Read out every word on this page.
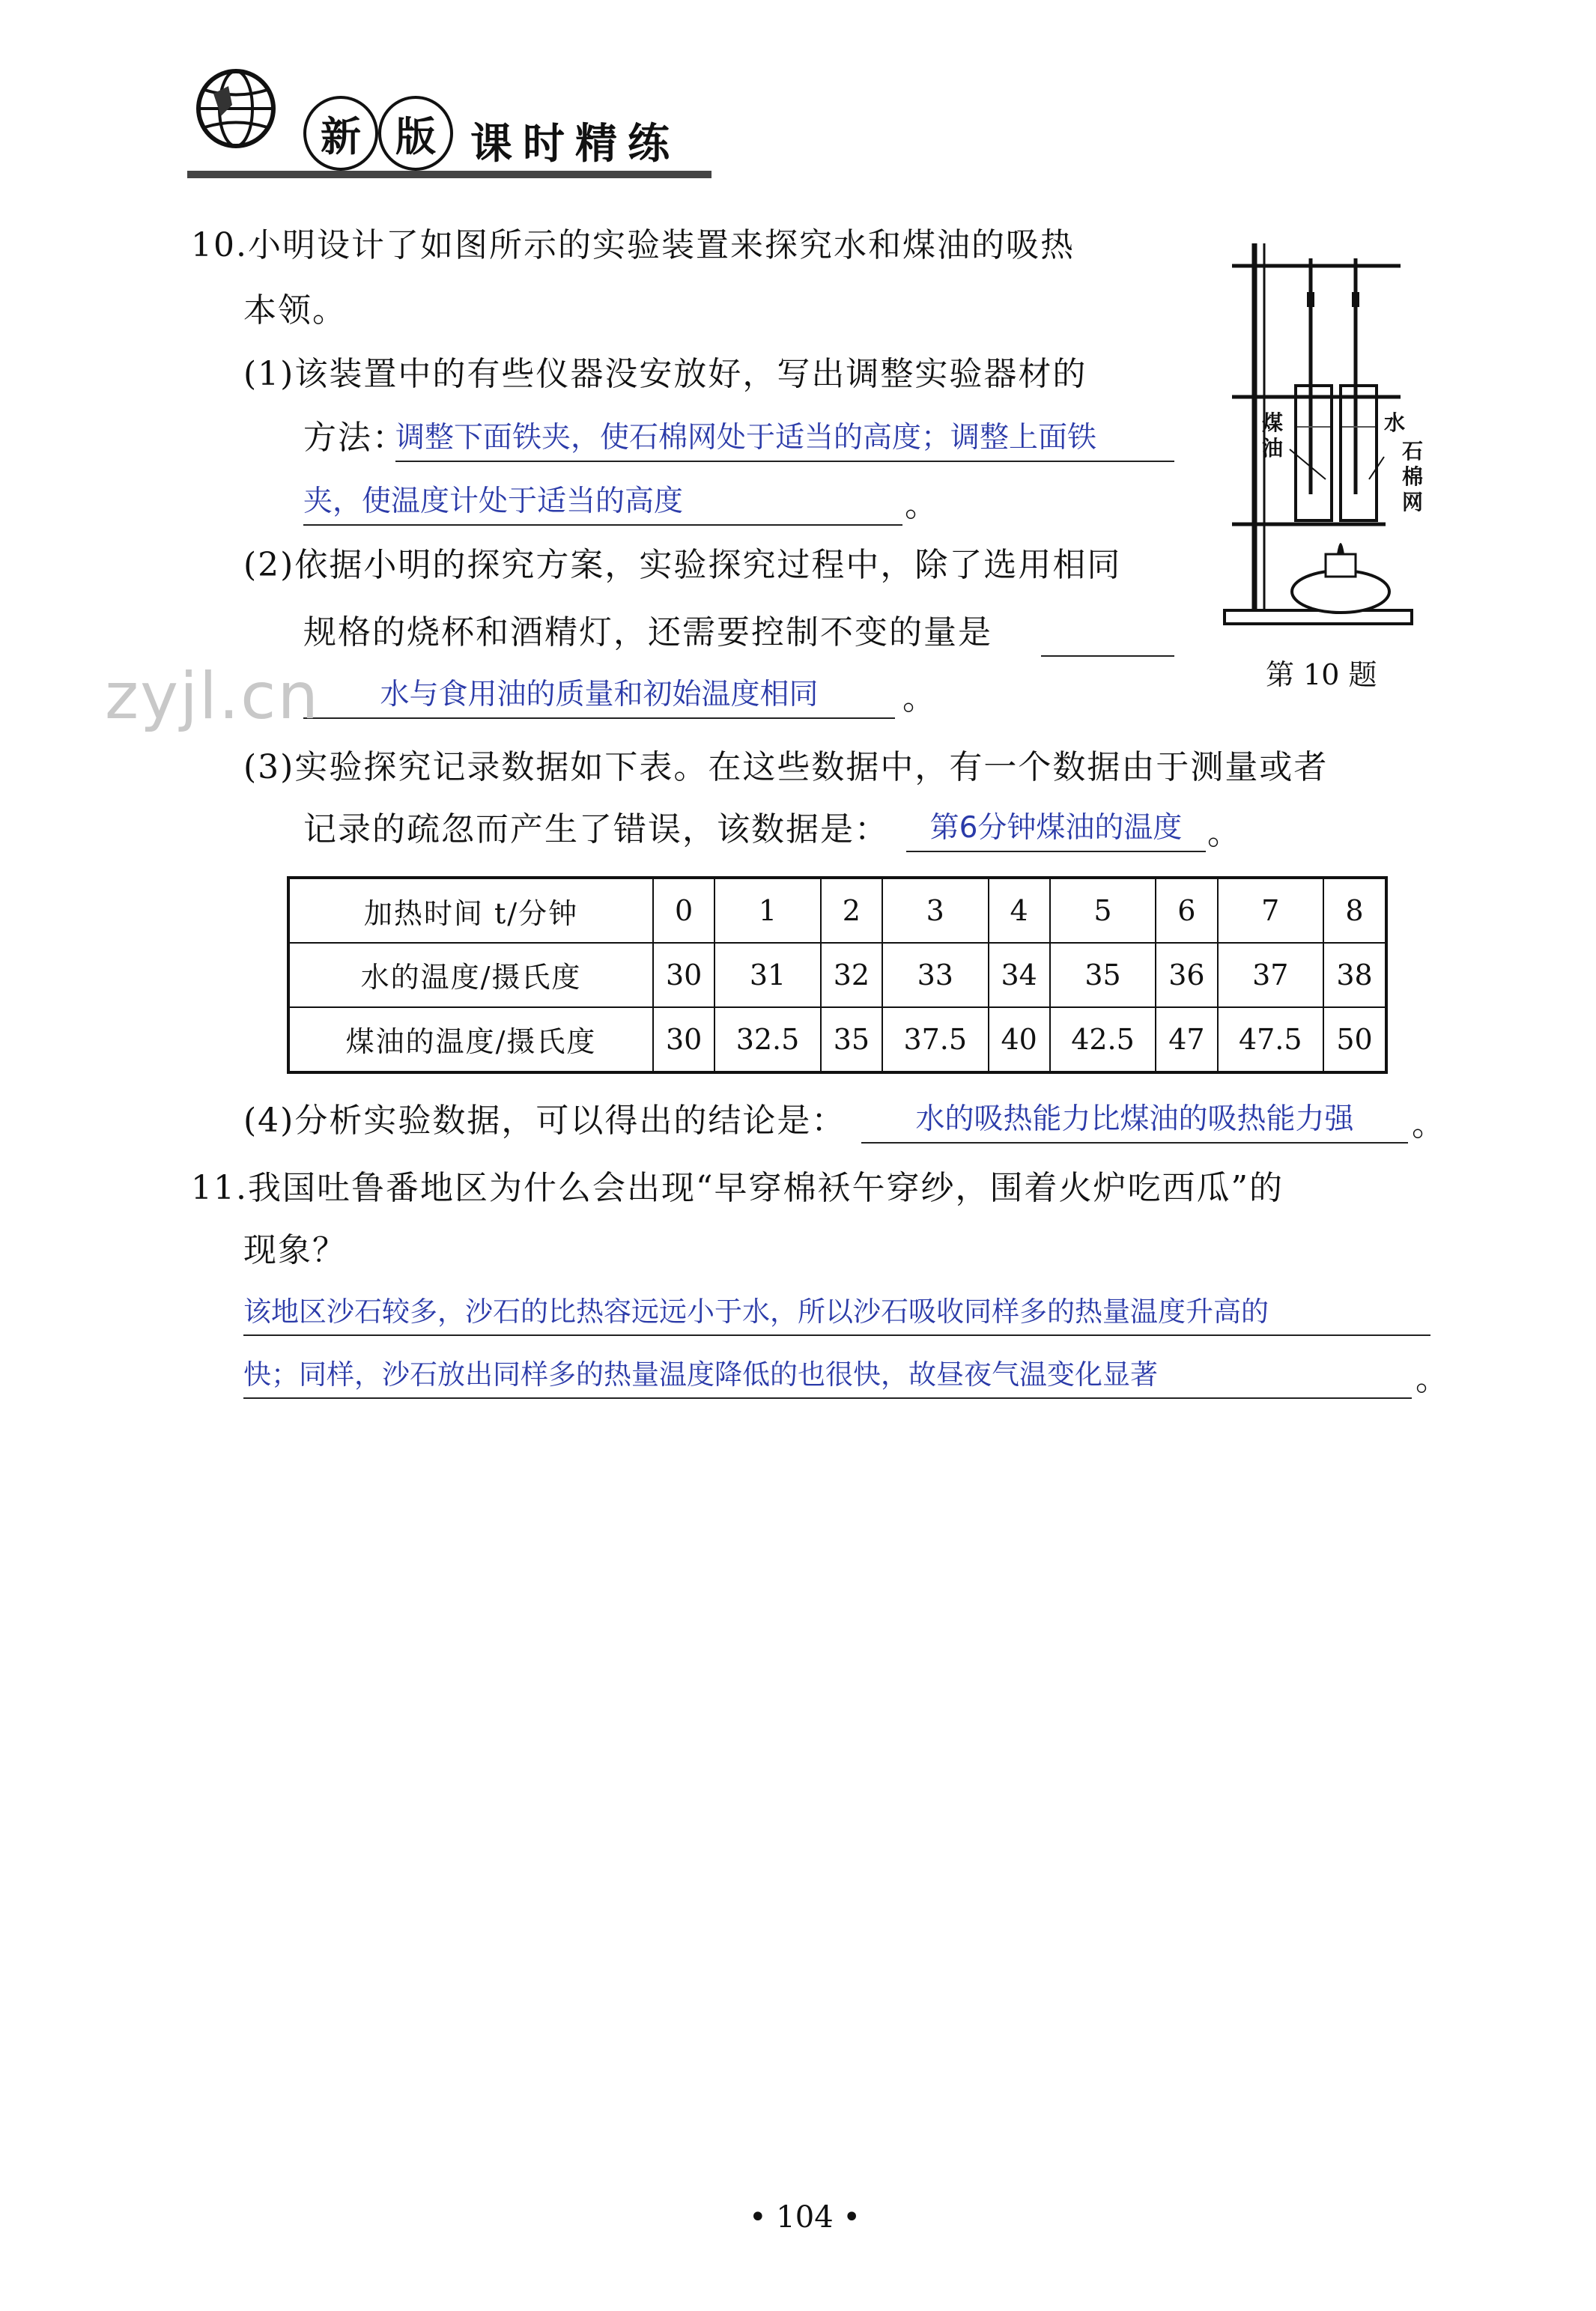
新 版 课时精练
10.小明设计了如图所示的实验装置来探究水和煤油的吸热
本领。
(1)该装置中的有些仪器没安放好，写出调整实验器材的
方法：
调整下面铁夹，使石棉网处于适当的高度；调整上面铁
夹，使温度计处于适当的高度	。
(2)依据小明的探究方案，实验探究过程中，除了选用相同
规格的烧杯和酒精灯，还需要控制不变的量是
水与食用油的质量和初始温度相同	。
(3)实验探究记录数据如下表。在这些数据中，有一个数据由于测量或者
记录的疏忽而产生了错误，该数据是：	第6分钟煤油的温度 。
加热时间 t/分钟	0	1	2	3	4	5	6	7	8
水的温度/摄氏度	30	31	32	33	34	35	36	37	38
煤油的温度/摄氏度	30	32.5	35	37.5	40	42.5	47	47.5	50
(4)分析实验数据，可以得出的结论是：	水的吸热能力比煤油的吸热能力强	。
煤油
水
石棉网
第 10 题
11.我国吐鲁番地区为什么会出现“早穿棉袄午穿纱，围着火炉吃西瓜”的
现象？
该地区沙石较多，沙石的比热容远远小于水，所以沙石吸收同样多的热量温度升高的
快；同样，沙石放出同样多的热量温度降低的也很快，故昼夜气温变化显著	。
zyjl.cn
• 104 •
